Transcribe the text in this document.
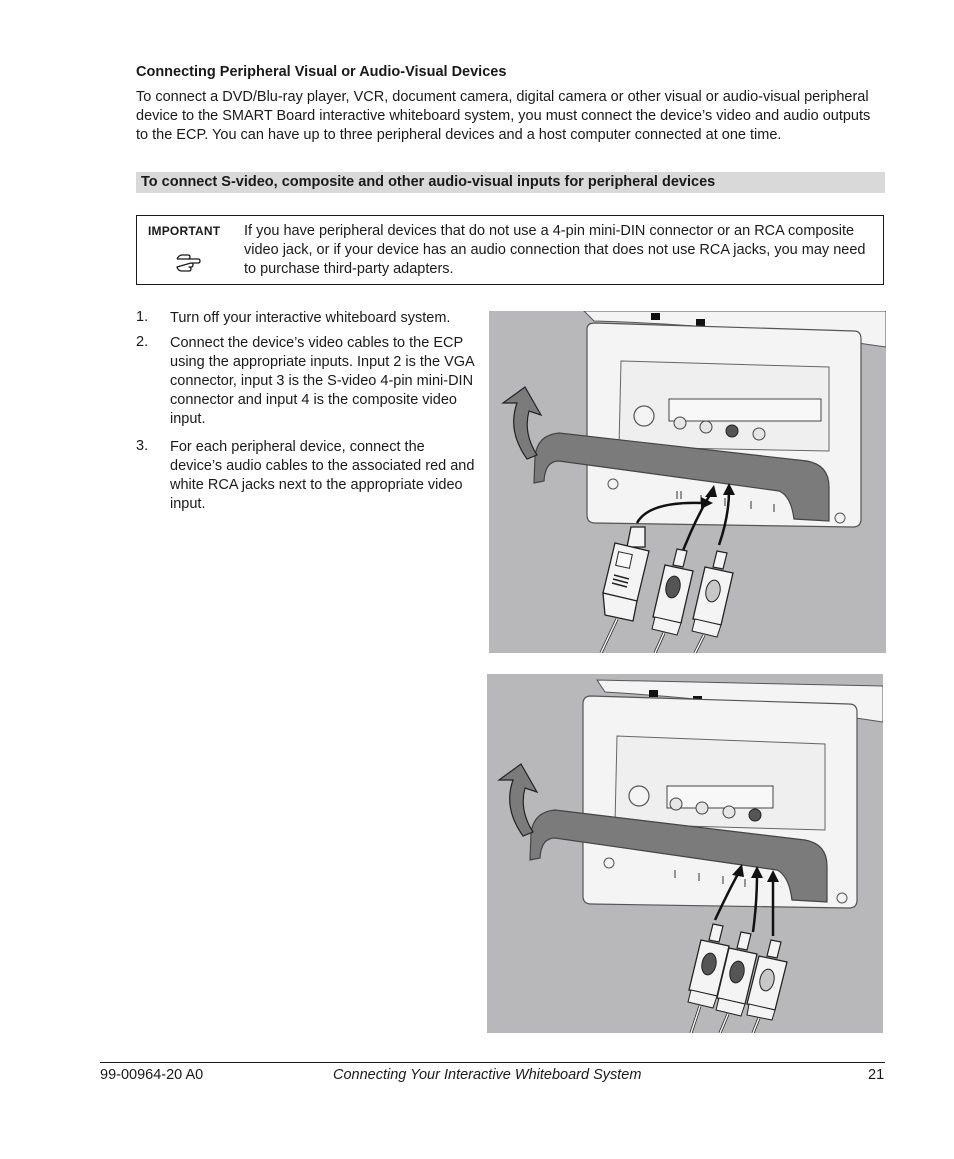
Connecting Peripheral Visual or Audio-Visual Devices
To connect a DVD/Blu-ray player, VCR, document camera, digital camera or other visual or audio-visual peripheral device to the SMART Board interactive whiteboard system, you must connect the device’s video and audio outputs to the ECP. You can have up to three peripheral devices and a host computer connected at one time.
To connect S-video, composite and other audio-visual inputs for peripheral devices
IMPORTANT If you have peripheral devices that do not use a 4-pin mini-DIN connector or an RCA composite video jack, or if your device has an audio connection that does not use RCA jacks, you may need to purchase third-party adapters.
1. Turn off your interactive whiteboard system.
2. Connect the device’s video cables to the ECP using the appropriate inputs. Input 2 is the VGA connector, input 3 is the S-video 4-pin mini-DIN connector and input 4 is the composite video input.
3. For each peripheral device, connect the device’s audio cables to the associated red and white RCA jacks next to the appropriate video input.
99-00964-20 A0	Connecting Your Interactive Whiteboard System	21
